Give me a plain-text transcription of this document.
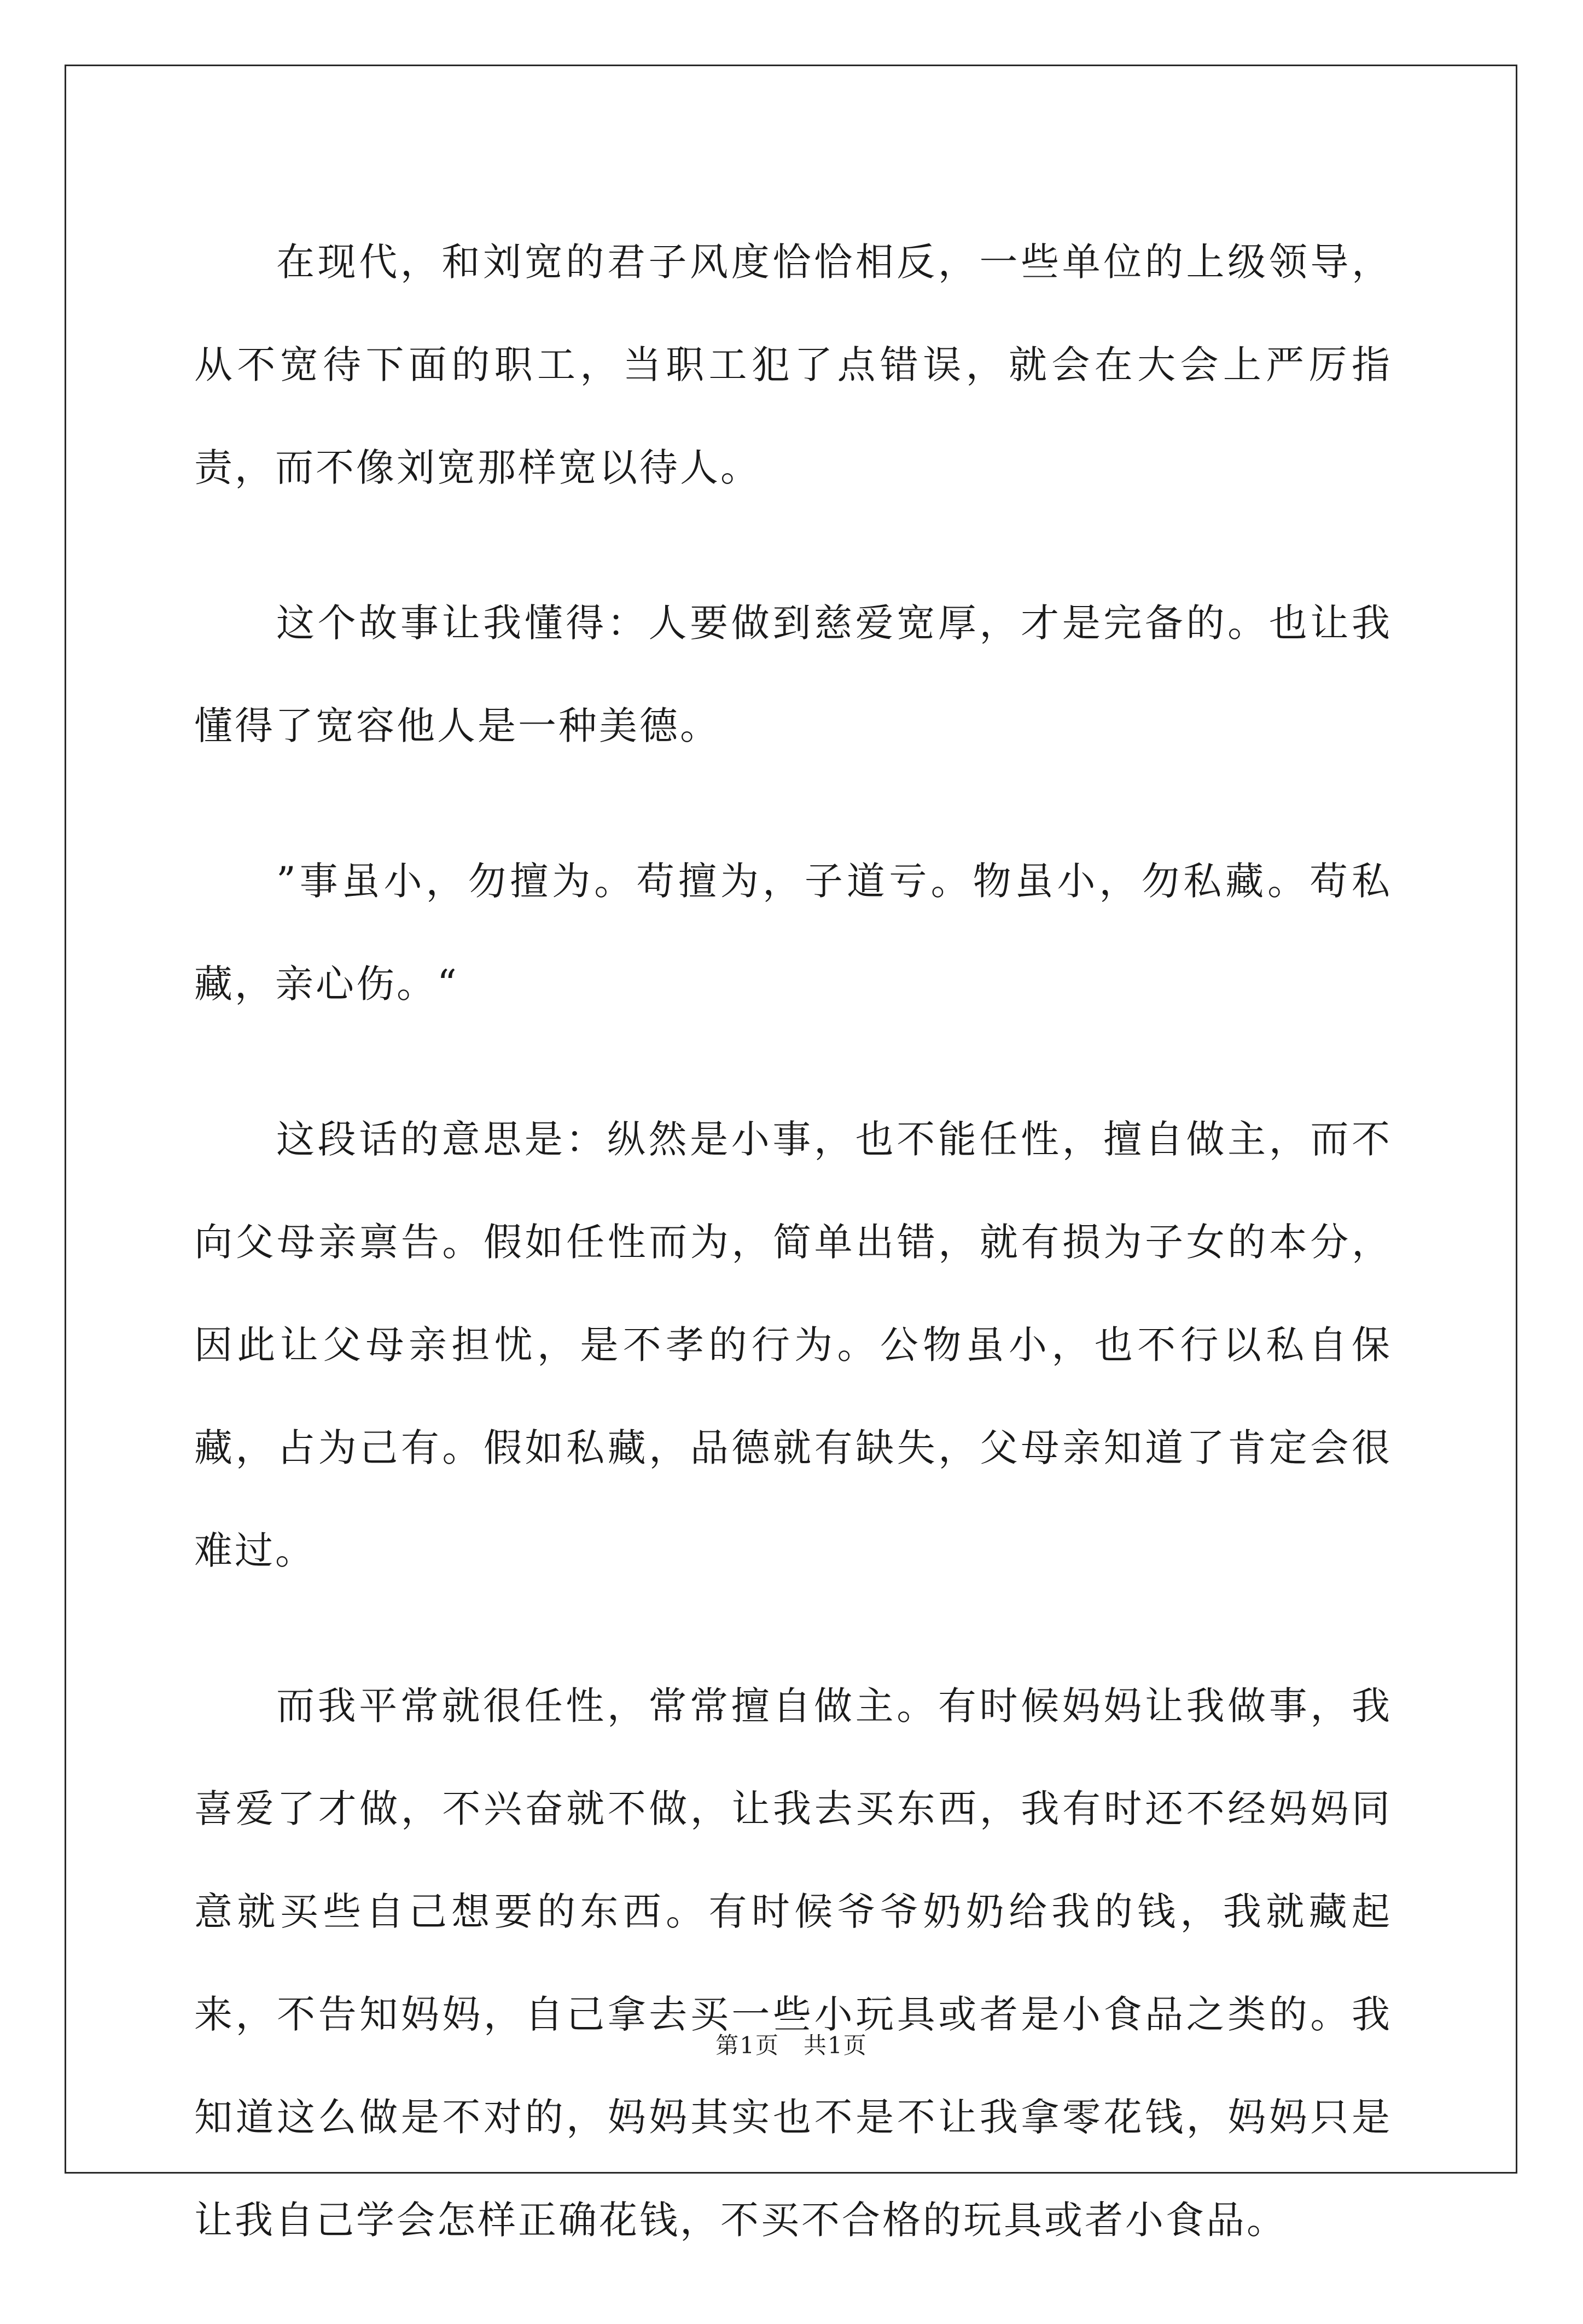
在现代，和刘宽的君子风度恰恰相反，一些单位的上级领导，从不宽待下面的职工，当职工犯了点错误，就会在大会上严厉指责，而不像刘宽那样宽以待人。

这个故事让我懂得：人要做到慈爱宽厚，才是完备的。也让我懂得了宽容他人是一种美德。

”事虽小，勿擅为。苟擅为，子道亏。物虽小，勿私藏。苟私藏，亲心伤。“

这段话的意思是：纵然是小事，也不能任性，擅自做主，而不向父母亲禀告。假如任性而为，简单出错，就有损为子女的本分，因此让父母亲担忧，是不孝的行为。公物虽小，也不行以私自保藏，占为己有。假如私藏，品德就有缺失，父母亲知道了肯定会很难过。

而我平常就很任性，常常擅自做主。有时候妈妈让我做事，我喜爱了才做，不兴奋就不做，让我去买东西，我有时还不经妈妈同意就买些自己想要的东西。有时候爷爷奶奶给我的钱，我就藏起来，不告知妈妈，自己拿去买一些小玩具或者是小食品之类的。我知道这么做是不对的，妈妈其实也不是不让我拿零花钱，妈妈只是让我自己学会怎样正确花钱，不买不合格的玩具或者小食品。

第1页　共1页
